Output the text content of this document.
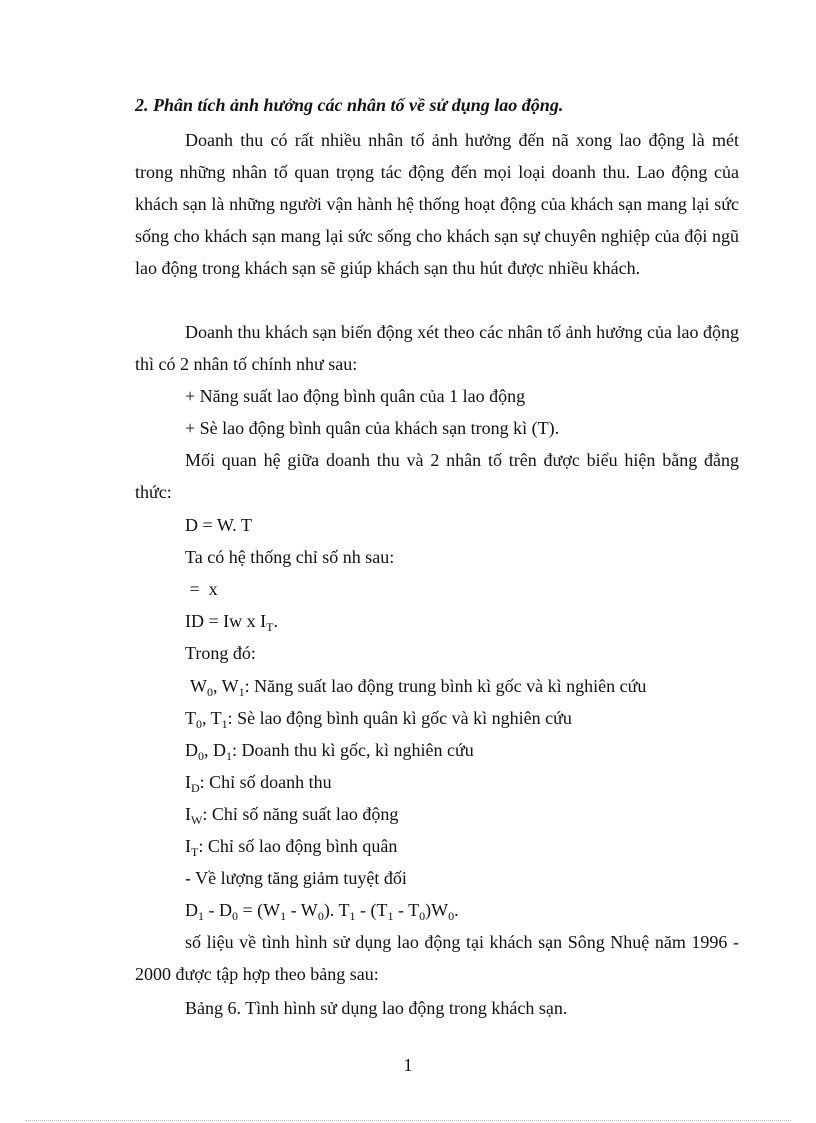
2. Phân tích ảnh hưởng các nhân tố về sử dụng lao động.
Doanh thu có rất nhiều nhân tố ảnh hưởng đến nã xong lao động là mét trong những nhân tố quan trọng tác động đến mọi loại doanh thu. Lao động của khách sạn là những người vận hành hệ thống hoạt động của khách sạn mang lại sức sống cho khách sạn mang lại sức sống cho khách sạn sự chuyên nghiệp của đội ngũ lao động trong khách sạn sẽ giúp khách sạn thu hút được nhiều khách.
Doanh thu khách sạn biến động xét theo các nhân tố ảnh hưởng của lao động thì có 2 nhân tố chính như sau:
+ Năng suất lao động bình quân của 1 lao động
+ Sè lao động bình quân của khách sạn trong kì (T).
Mối quan hệ giữa doanh thu và 2 nhân tố trên được biểu hiện bằng đẳng thức:
D = W. T
Ta có hệ thống chỉ số nh sau:
=  x
ID = Iw x $I_T$.
Trong đó:
$W_0$, $W_1$: Năng suất lao động trung bình kì gốc và kì nghiên cứu
$T_0$, $T_1$: Sè lao động bình quân kì gốc và kì nghiên cứu
$D_0$, $D_1$: Doanh thu kì gốc, kì nghiên cứu
$I_D$: Chỉ số doanh thu
$I_W$: Chỉ số năng suất lao động
$I_T$: Chỉ số lao động bình quân
- Về lượng tăng giảm tuyệt đối
$D_1 - D_0 = (W_1 - W_0)$. $T_1 - (T_1 - T_0)W_0$.
số liệu về tình hình sử dụng lao động tại khách sạn Sông Nhuệ năm 1996 - 2000 được tập hợp theo bảng sau:
Bảng 6. Tình hình sử dụng lao động trong khách sạn.
1
